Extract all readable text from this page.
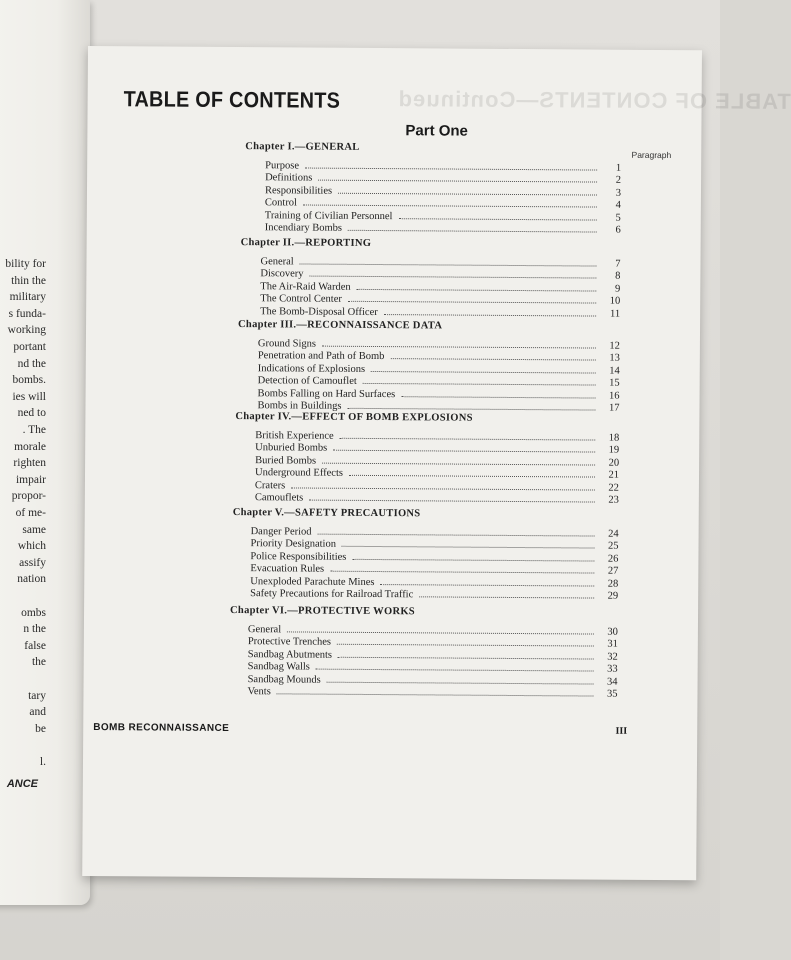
bility for
thin the
military
s funda-
working
portant
nd the
bombs.
ies will
ned to
. The
morale
righten
impair
propor-
of me-
same
which
assify
nation
ombs
n the
false
the
tary
and
be
l.
ANCE
TABLE OF CONTENTS—Continued
TABLE OF CONTENTS
Part One
Paragraph
Chapter I.—GENERAL
Purpose	1
Definitions	2
Responsibilities	3
Control	4
Training of Civilian Personnel	5
Incendiary Bombs	6
Chapter II.—REPORTING
General	7
Discovery	8
The Air-Raid Warden	9
The Control Center	10
The Bomb-Disposal Officer	11
Chapter III.—RECONNAISSANCE DATA
Ground Signs	12
Penetration and Path of Bomb	13
Indications of Explosions	14
Detection of Camouflet	15
Bombs Falling on Hard Surfaces	16
Bombs in Buildings	17
Chapter IV.—EFFECT OF BOMB EXPLOSIONS
British Experience	18
Unburied Bombs	19
Buried Bombs	20
Underground Effects	21
Craters	22
Camouflets	23
Chapter V.—SAFETY PRECAUTIONS
Danger Period	24
Priority Designation	25
Police Responsibilities	26
Evacuation Rules	27
Unexploded Parachute Mines	28
Safety Precautions for Railroad Traffic	29
Chapter VI.—PROTECTIVE WORKS
General	30
Protective Trenches	31
Sandbag Abutments	32
Sandbag Walls	33
Sandbag Mounds	34
Vents	35
BOMB RECONNAISSANCE	III
